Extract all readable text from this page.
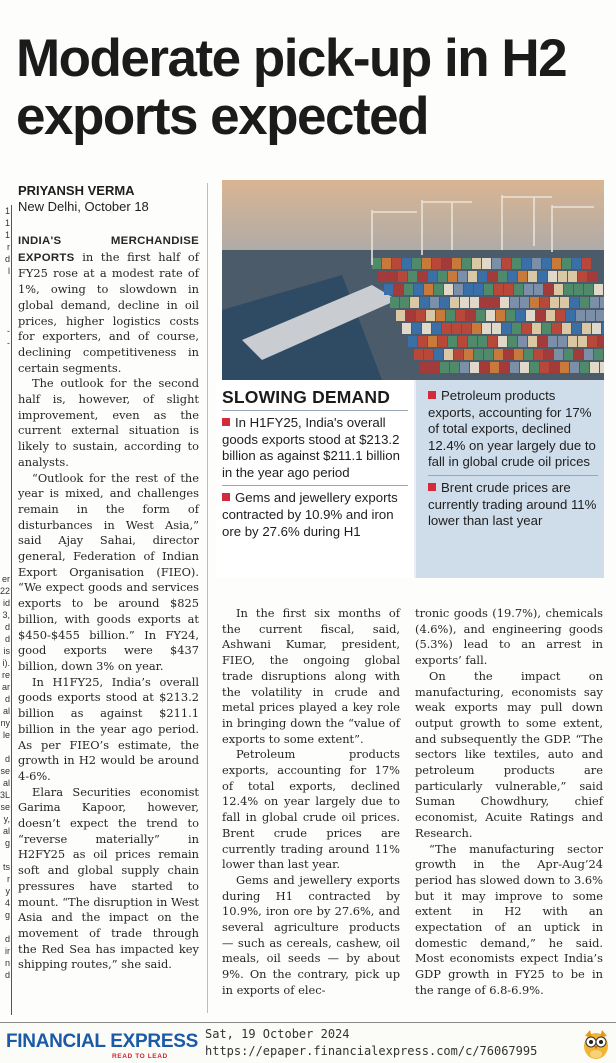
Moderate pick-up in H2 exports expected
PRIYANSH VERMA
New Delhi, October 18
1
1
1
r
d
l

-
-

er
22
id
3,
d
d
is
i).
re
ar
d
al
ny
le

d
se
al
3L
se
y,
al
g

ts
r
y
4
g

d
ir
n
d

INDIA'S MERCHANDISE EXPORTS in the first half of FY25 rose at a modest rate of 1%, owing to slowdown in global demand, decline in oil prices, higher logistics costs for exporters, and of course, declining competitiveness in certain segments.

The outlook for the second half is, however, of slight improvement, even as the current external situation is likely to sustain, according to analysts.

“Outlook for the rest of the year is mixed, and challenges remain in the form of disturbances in West Asia,” said Ajay Sahai, director general, Federation of Indian Export Organisation (FIEO). “We expect goods and services exports to be around $825 billion, with goods exports at $450-$455 billion.” In FY24, good exports were $437 billion, down 3% on year.

In H1FY25, India’s overall goods exports stood at $213.2 billion as against $211.1 billion in the year ago period. As per FIEO’s estimate, the growth in H2 would be around 4-6%.

Elara Securities economist Garima Kapoor, however, doesn’t expect the trend to “reverse materially” in H2FY25 as oil prices remain soft and global supply chain pressures have started to mount. “The disruption in West Asia and the impact on the movement of trade through the Red Sea has impacted key shipping routes,” she said.

SLOWING DEMAND
In H1FY25, India's overall goods exports stood at $213.2 billion as against $211.1 billion in the year ago period
Gems and jewellery exports contracted by 10.9% and iron ore by 27.6% during H1
Petroleum products exports, accounting for 17% of total exports, declined 12.4% on year largely due to fall in global crude oil prices
Brent crude prices are currently trading around 11% lower than last year

In the first six months of the current fiscal, said, Ashwani Kumar, president, FIEO, the ongoing global trade disruptions along with the volatility in crude and metal prices played a key role in bringing down the “value of exports to some extent”.

Petroleum products exports, accounting for 17% of total exports, declined 12.4% on year largely due to fall in global crude oil prices. Brent crude prices are currently trading around 11% lower than last year.

Gems and jewellery exports during H1 contracted by 10.9%, iron ore by 27.6%, and several agriculture products — such as cereals, cashew, oil meals, oil seeds — by about 9%. On the contrary, pick up in exports of elec-

tronic goods (19.7%), chemicals (4.6%), and engineering goods (5.3%) lead to an arrest in exports’ fall.

On the impact on manufacturing, economists say weak exports may pull down output growth to some extent, and subsequently the GDP. “The sectors like textiles, auto and petroleum products are particularly vulnerable,” said Suman Chowdhury, chief economist, Acuite Ratings and Research.

“The manufacturing sector growth in the Apr-Aug’24 period has slowed down to 3.6% but it may improve to some extent in H2 with an expectation of an uptick in domestic demand,” he said. Most economists expect India’s GDP growth in FY25 to be in the range of 6.8-6.9%.

FINANCIAL EXPRESS
READ TO LEAD
Sat, 19 October 2024
https://epaper.financialexpress.com/c/76067995
